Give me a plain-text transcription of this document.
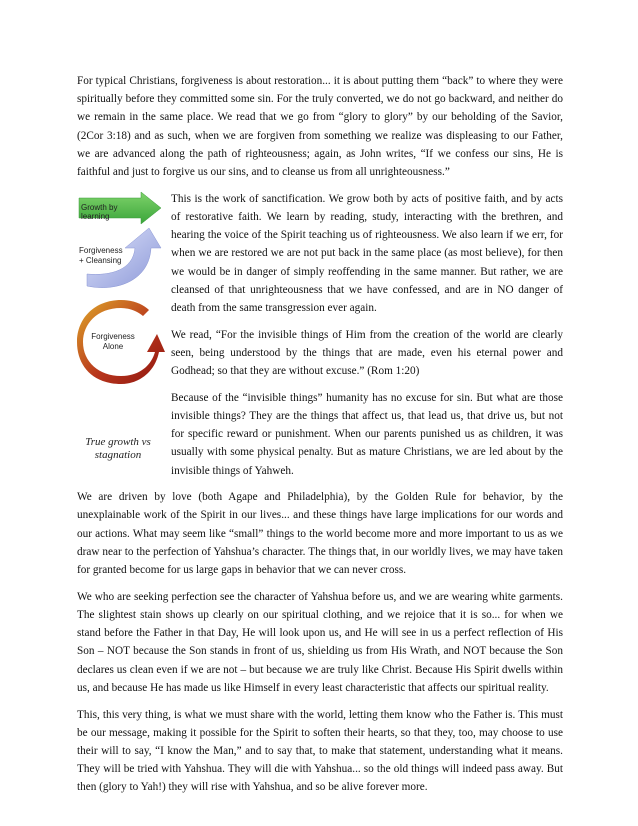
For typical Christians, forgiveness is about restoration... it is about putting them “back” to where they were spiritually before they committed some sin. For the truly converted, we do not go backward, and neither do we remain in the same place. We read that we go from “glory to glory” by our beholding of the Savior, (2Cor 3:18) and as such, when we are forgiven from something we realize was displeasing to our Father, we are advanced along the path of righteousness; again, as John writes, “If we confess our sins, He is faithful and just to forgive us our sins, and to cleanse us from all unrighteousness.”

Growth by learning
Forgiveness
+ Cleansing
Forgiveness
Alone
True growth vs
stagnation

This is the work of sanctification. We grow both by acts of positive faith, and by acts of restorative faith. We learn by reading, study, interacting with the brethren, and hearing the voice of the Spirit teaching us of righteousness. We also learn if we err, for when we are restored we are not put back in the same place (as most believe), for then we would be in danger of simply reoffending in the same manner. But rather, we are cleansed of that unrighteousness that we have confessed, and are in NO danger of death from the same transgression ever again.

We read, “For the invisible things of Him from the creation of the world are clearly seen, being understood by the things that are made, even his eternal power and Godhead; so that they are without excuse.” (Rom 1:20)

Because of the “invisible things” humanity has no excuse for sin. But what are those invisible things? They are the things that affect us, that lead us, that drive us, but not for specific reward or punishment. When our parents punished us as children, it was usually with some physical penalty. But as mature Christians, we are led about by the invisible things of Yahweh.

We are driven by love (both Agape and Philadelphia), by the Golden Rule for behavior, by the unexplainable work of the Spirit in our lives... and these things have large implications for our words and our actions. What may seem like “small” things to the world become more and more important to us as we draw near to the perfection of Yahshua’s character. The things that, in our worldly lives, we may have taken for granted become for us large gaps in behavior that we can never cross.

We who are seeking perfection see the character of Yahshua before us, and we are wearing white garments. The slightest stain shows up clearly on our spiritual clothing, and we rejoice that it is so... for when we stand before the Father in that Day, He will look upon us, and He will see in us a perfect reflection of His Son – NOT because the Son stands in front of us, shielding us from His Wrath, and NOT because the Son declares us clean even if we are not – but because we are truly like Christ. Because His Spirit dwells within us, and because He has made us like Himself in every least characteristic that affects our spiritual reality.

This, this very thing, is what we must share with the world, letting them know who the Father is. This must be our message, making it possible for the Spirit to soften their hearts, so that they, too, may choose to use their will to say, “I know the Man,” and to say that, to make that statement, understanding what it means. They will be tried with Yahshua. They will die with Yahshua... so the old things will indeed pass away. But then (glory to Yah!) they will rise with Yahshua, and so be alive forever more.
